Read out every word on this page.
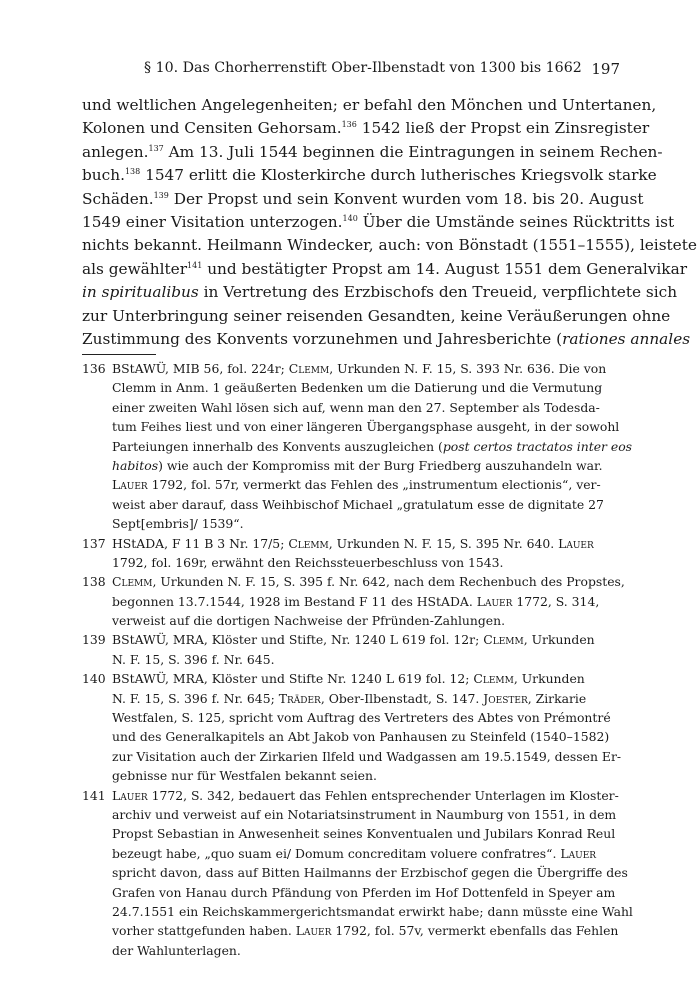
§ 10. Das Chorherrenstift Ober-Ilbenstadt von 1300 bis 1662 197
und weltlichen Angelegenheiten; er befahl den Mönchen und Untertanen,
Kolonen und Censiten Gehorsam.$^{136}$ 1542 ließ der Propst ein Zinsregister
anlegen.$^{137}$ Am 13. Juli 1544 beginnen die Eintragungen in seinem Rechen-
buch.$^{138}$ 1547 erlitt die Klosterkirche durch lutherisches Kriegsvolk starke
Schäden.$^{139}$ Der Propst und sein Konvent wurden vom 18. bis 20. August
1549 einer Visitation unterzogen.$^{140}$ Über die Umstände seines Rücktritts ist
nichts bekannt. Heilmann Windecker, auch: von Bönstadt (1551–1555), leistete
als gewählter$^{141}$ und bestätigter Propst am 14. August 1551 dem Generalvikar
in spiritualibus in Vertretung des Erzbischofs den Treueid, verpflichtete sich
zur Unterbringung seiner reisenden Gesandten, keine Veräußerungen ohne
Zustimmung des Konvents vorzunehmen und Jahresberichte (rationes annales
136 BStAWÜ, MIB 56, fol. 224r; Clemm, Urkunden N. F. 15, S. 393 Nr. 636. Die von
Clemm in Anm. 1 geäußerten Bedenken um die Datierung und die Vermutung
einer zweiten Wahl lösen sich auf, wenn man den 27. September als Todesda-
tum Feihes liest und von einer längeren Übergangsphase ausgeht, in der sowohl
Parteiungen innerhalb des Konvents auszugleichen (post certos tractatos inter eos
habitos) wie auch der Kompromiss mit der Burg Friedberg auszuhandeln war.
Lauer 1792, fol. 57r, vermerkt das Fehlen des „instrumentum electionis“, ver-
weist aber darauf, dass Weihbischof Michael „gratulatum esse de dignitate 27
Sept[embris]/ 1539“.
137 HStADA, F 11 B 3 Nr. 17/5; Clemm, Urkunden N. F. 15, S. 395 Nr. 640. Lauer
1792, fol. 169r, erwähnt den Reichssteuerbeschluss von 1543.
138 Clemm, Urkunden N. F. 15, S. 395 f. Nr. 642, nach dem Rechenbuch des Propstes,
begonnen 13.7.1544, 1928 im Bestand F 11 des HStADA. Lauer 1772, S. 314,
verweist auf die dortigen Nachweise der Pfründen-Zahlungen.
139 BStAWÜ, MRA, Klöster und Stifte, Nr. 1240 L 619 fol. 12r; Clemm, Urkunden
N. F. 15, S. 396 f. Nr. 645.
140 BStAWÜ, MRA, Klöster und Stifte Nr. 1240 L 619 fol. 12; Clemm, Urkunden
N. F. 15, S. 396 f. Nr. 645; Träder, Ober-Ilbenstadt, S. 147. Joester, Zirkarie
Westfalen, S. 125, spricht vom Auftrag des Vertreters des Abtes von Prémontré
und des Generalkapitels an Abt Jakob von Panhausen zu Steinfeld (1540–1582)
zur Visitation auch der Zirkarien Ilfeld und Wadgassen am 19.5.1549, dessen Er-
gebnisse nur für Westfalen bekannt seien.
141 Lauer 1772, S. 342, bedauert das Fehlen entsprechender Unterlagen im Kloster-
archiv und verweist auf ein Notariatsinstrument in Naumburg von 1551, in dem
Propst Sebastian in Anwesenheit seines Konventualen und Jubilars Konrad Reul
bezeugt habe, „quo suam ei/ Domum concreditam voluere confratres“. Lauer
spricht davon, dass auf Bitten Hailmanns der Erzbischof gegen die Übergriffe des
Grafen von Hanau durch Pfändung von Pferden im Hof Dottenfeld in Speyer am
24.7.1551 ein Reichskammergerichtsmandat erwirkt habe; dann müsste eine Wahl
vorher stattgefunden haben. Lauer 1792, fol. 57v, vermerkt ebenfalls das Fehlen
der Wahlunterlagen.
